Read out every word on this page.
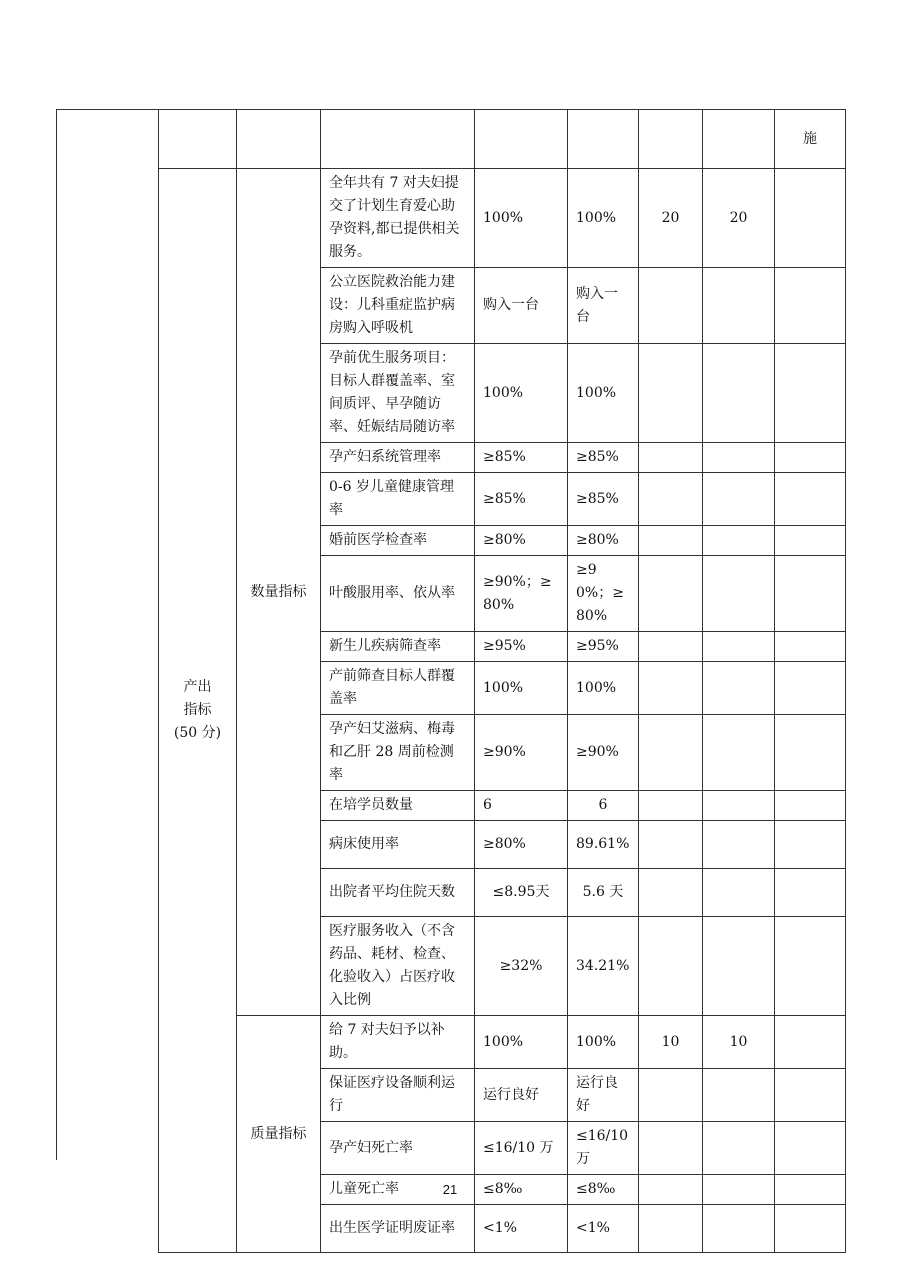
							施
产出
指标
(50 分)	数量指标	全年共有 7 对夫妇提交了计划生育爱心助孕资料,都已提供相关服务。	100%	100%	20	20	
		公立医院救治能力建设：儿科重症监护病房购入呼吸机	购入一台	购入一台			
		孕前优生服务项目：目标人群覆盖率、室间质评、早孕随访率、妊娠结局随访率	100%	100%			
		孕产妇系统管理率	≥85%	≥85%			
		0-6 岁儿童健康管理率	≥85%	≥85%			
		婚前医学检查率	≥80%	≥80%			
		叶酸服用率、依从率	≥90%；≥80%	≥90%；≥80%			
		新生儿疾病筛查率	≥95%	≥95%			
		产前筛查目标人群覆盖率	100%	100%			
		孕产妇艾滋病、梅毒和乙肝 28 周前检测率	≥90%	≥90%			
		在培学员数量	6	6			
		病床使用率	≥80%	89.61%			
		出院者平均住院天数	≤8.95天	5.6 天			
		医疗服务收入（不含药品、耗材、检查、化验收入）占医疗收入比例	≥32%	34.21%			
	质量指标	给 7 对夫妇予以补助。	100%	100%	10	10	
		保证医疗设备顺利运行	运行良好	运行良好			
		孕产妇死亡率	≤16/10 万	≤16/10万			
		儿童死亡率	≤8‰	≤8‰			
		出生医学证明废证率	<1%	<1%			
21
